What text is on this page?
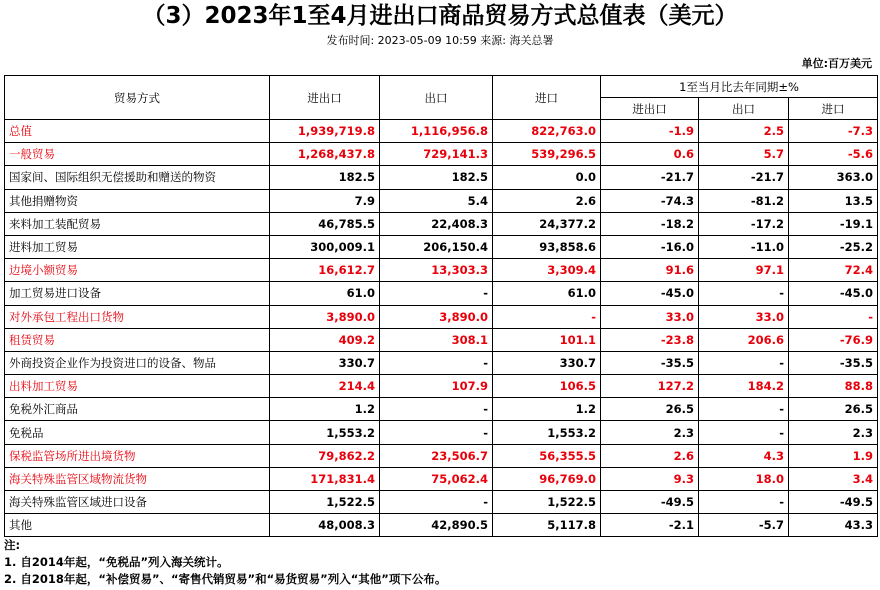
（3）2023年1至4月进出口商品贸易方式总值表（美元）
发布时间: 2023-05-09 10:59 来源: 海关总署
单位:百万美元
贸易方式	进出口	出口	进口	1至当月比去年同期±%		
				进出口	出口	进口
总值	1,939,719.8	1,116,956.8	822,763.0	-1.9	2.5	-7.3
一般贸易	1,268,437.8	729,141.3	539,296.5	0.6	5.7	-5.6
国家间、国际组织无偿援助和赠送的物资	182.5	182.5	0.0	-21.7	-21.7	363.0
其他捐赠物资	7.9	5.4	2.6	-74.3	-81.2	13.5
来料加工装配贸易	46,785.5	22,408.3	24,377.2	-18.2	-17.2	-19.1
进料加工贸易	300,009.1	206,150.4	93,858.6	-16.0	-11.0	-25.2
边境小额贸易	16,612.7	13,303.3	3,309.4	91.6	97.1	72.4
加工贸易进口设备	61.0	-	61.0	-45.0	-	-45.0
对外承包工程出口货物	3,890.0	3,890.0	-	33.0	33.0	-
租赁贸易	409.2	308.1	101.1	-23.8	206.6	-76.9
外商投资企业作为投资进口的设备、物品	330.7	-	330.7	-35.5	-	-35.5
出料加工贸易	214.4	107.9	106.5	127.2	184.2	88.8
免税外汇商品	1.2	-	1.2	26.5	-	26.5
免税品	1,553.2	-	1,553.2	2.3	-	2.3
保税监管场所进出境货物	79,862.2	23,506.7	56,355.5	2.6	4.3	1.9
海关特殊监管区域物流货物	171,831.4	75,062.4	96,769.0	9.3	18.0	3.4
海关特殊监管区域进口设备	1,522.5	-	1,522.5	-49.5	-	-49.5
其他	48,008.3	42,890.5	5,117.8	-2.1	-5.7	43.3
注:
1. 自2014年起，“免税品”列入海关统计。
2. 自2018年起，“补偿贸易”、“寄售代销贸易”和“易货贸易”列入“其他”项下公布。
